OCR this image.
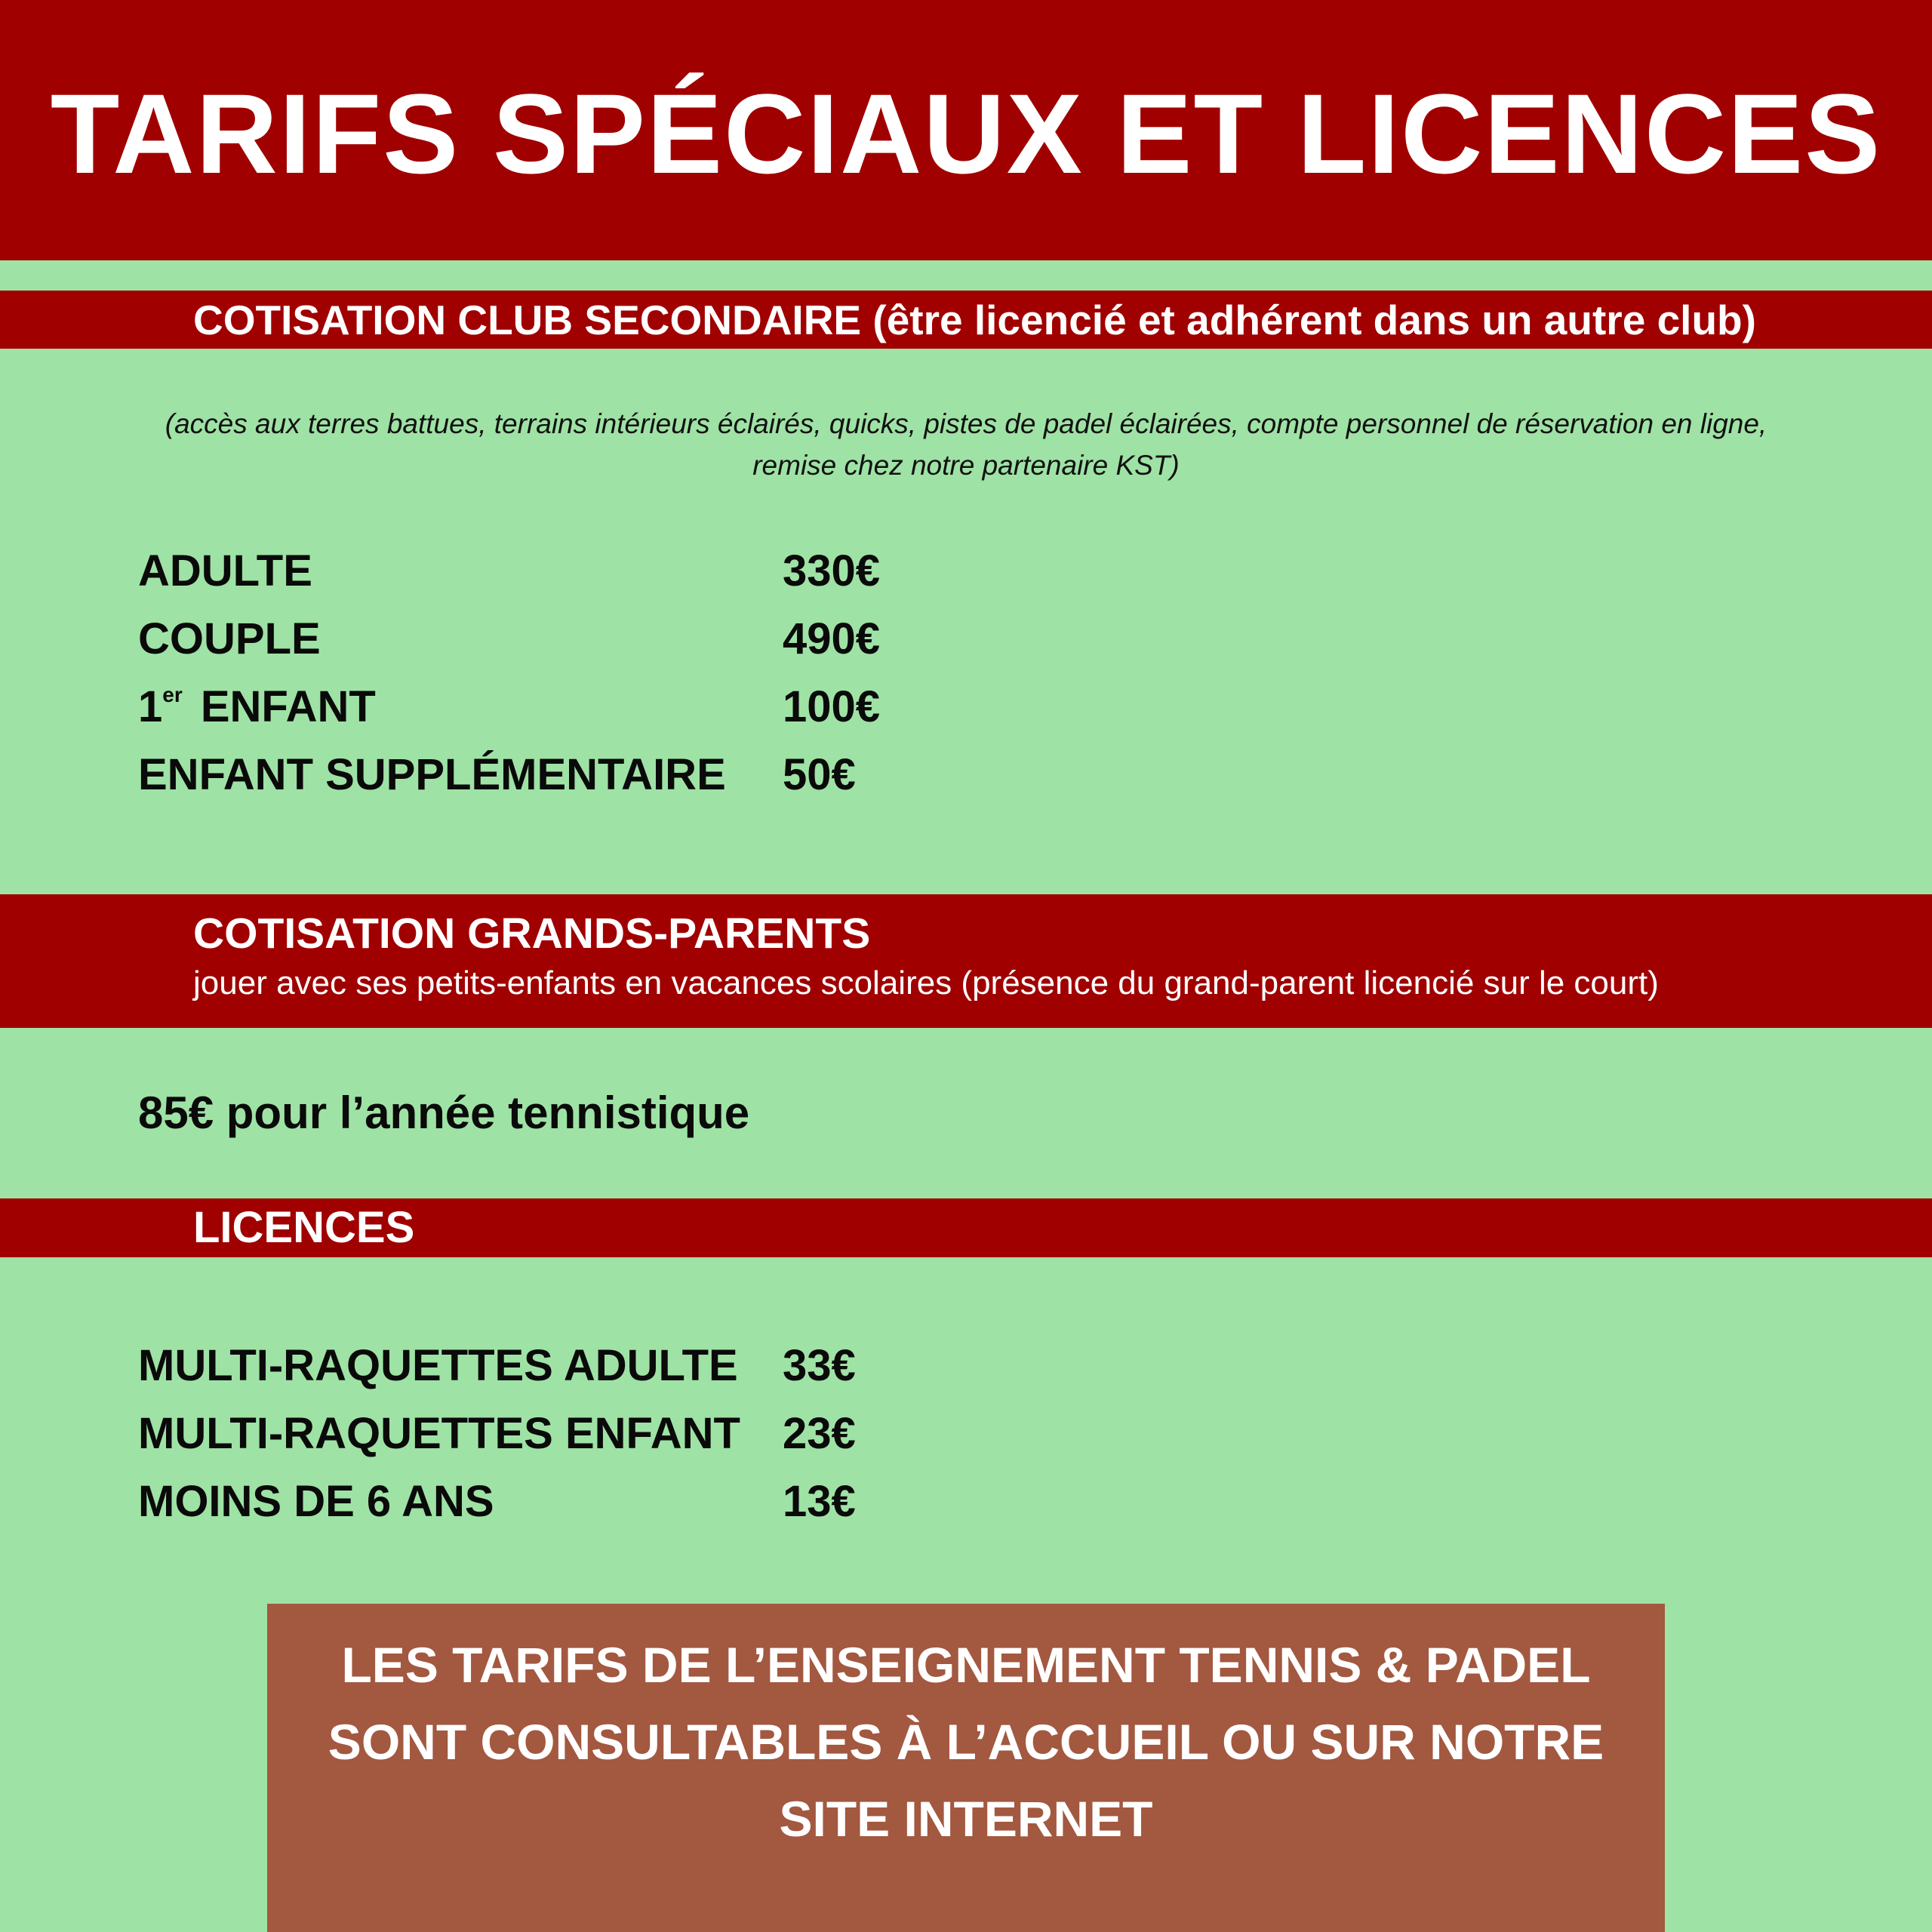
TARIFS SPÉCIAUX ET LICENCES
COTISATION CLUB SECONDAIRE (être licencié et adhérent dans un autre club)
(accès aux terres battues, terrains intérieurs éclairés, quicks, pistes de padel éclairées, compte personnel de réservation en ligne,
remise chez notre partenaire KST)
ADULTE	330€
COUPLE	490€
1er ENFANT	100€
ENFANT SUPPLÉMENTAIRE 50€
COTISATION GRANDS-PARENTS
jouer avec ses petits-enfants en vacances scolaires (présence du grand-parent licencié sur le court)
85€ pour l’année tennistique
LICENCES
MULTI-RAQUETTES ADULTE 33€
MULTI-RAQUETTES ENFANT 23€
MOINS DE 6 ANS	13€
LES TARIFS DE L’ENSEIGNEMENT TENNIS & PADEL
SONT CONSULTABLES À L’ACCUEIL OU SUR NOTRE
SITE INTERNET
